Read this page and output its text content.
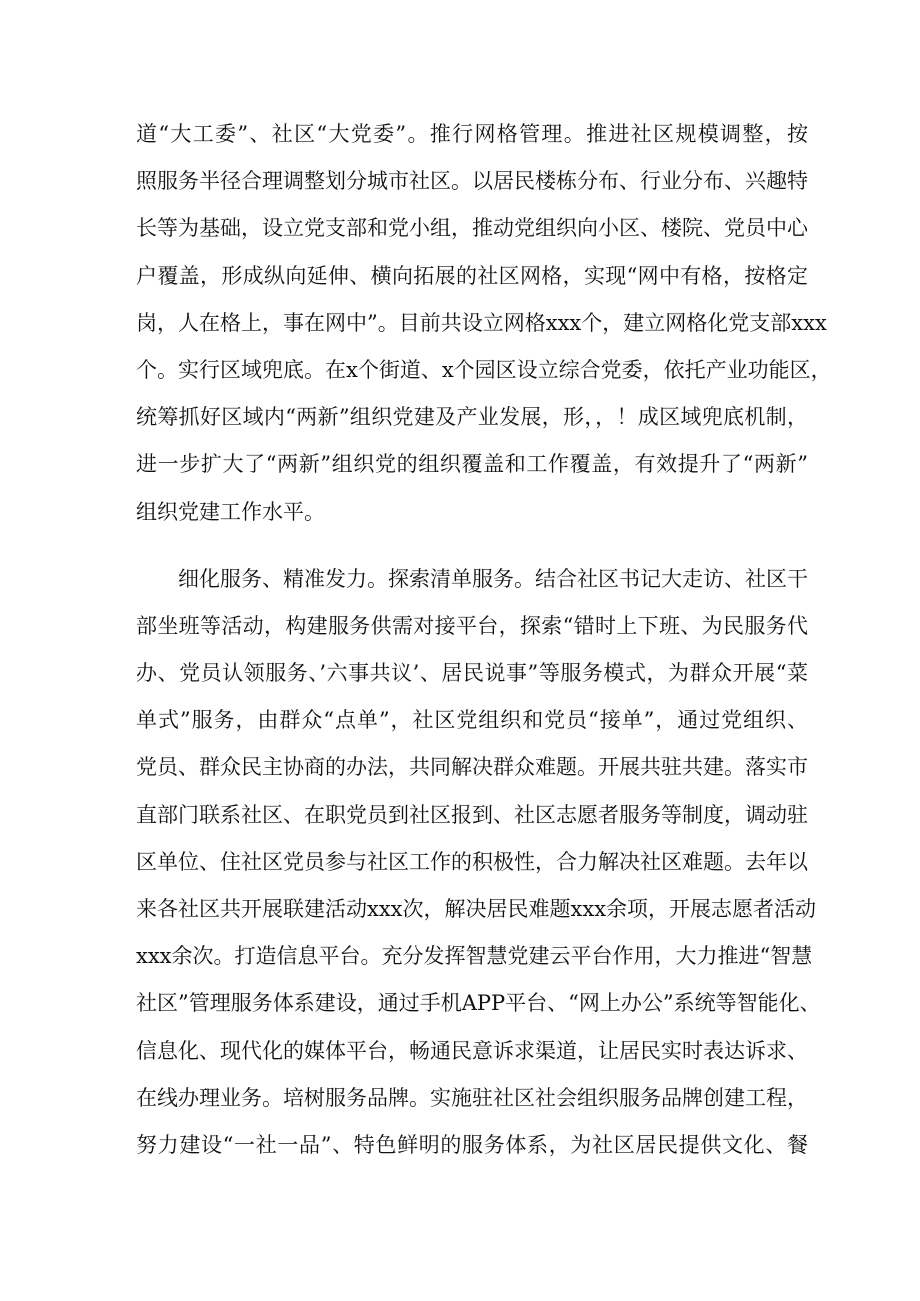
道“大工委”、社区“大党委”。推行网格管理。推进社区规模调整，按
照服务半径合理调整划分城市社区。以居民楼栋分布、行业分布、兴趣特
长等为基础，设立党支部和党小组，推动党组织向小区、楼院、党员中心
户覆盖，形成纵向延伸、横向拓展的社区网格，实现“网中有格，按格定
岗，人在格上，事在网中”。目前共设立网格xxx个，建立网格化党支部xxx
个。实行区域兜底。在x个街道、x个园区设立综合党委，依托产业功能区，
统筹抓好区域内“两新”组织党建及产业发展，形，，！成区域兜底机制，
进一步扩大了“两新”组织党的组织覆盖和工作覆盖，有效提升了“两新”
组织党建工作水平。
细化服务、精准发力。探索清单服务。结合社区书记大走访、社区干
部坐班等活动，构建服务供需对接平台，探索“错时上下班、为民服务代
办、党员认领服务、’六事共议’、居民说事”等服务模式，为群众开展“菜
单式”服务，由群众“点单”，社区党组织和党员“接单”，通过党组织、
党员、群众民主协商的办法，共同解决群众难题。开展共驻共建。落实市
直部门联系社区、在职党员到社区报到、社区志愿者服务等制度，调动驻
区单位、住社区党员参与社区工作的积极性，合力解决社区难题。去年以
来各社区共开展联建活动xxx次，解决居民难题xxx余项，开展志愿者活动
xxx余次。打造信息平台。充分发挥智慧党建云平台作用，大力推进“智慧
社区”管理服务体系建设，通过手机APP平台、“网上办公”系统等智能化、
信息化、现代化的媒体平台，畅通民意诉求渠道，让居民实时表达诉求、
在线办理业务。培树服务品牌。实施驻社区社会组织服务品牌创建工程，
努力建设“一社一品”、特色鲜明的服务体系，为社区居民提供文化、餐
